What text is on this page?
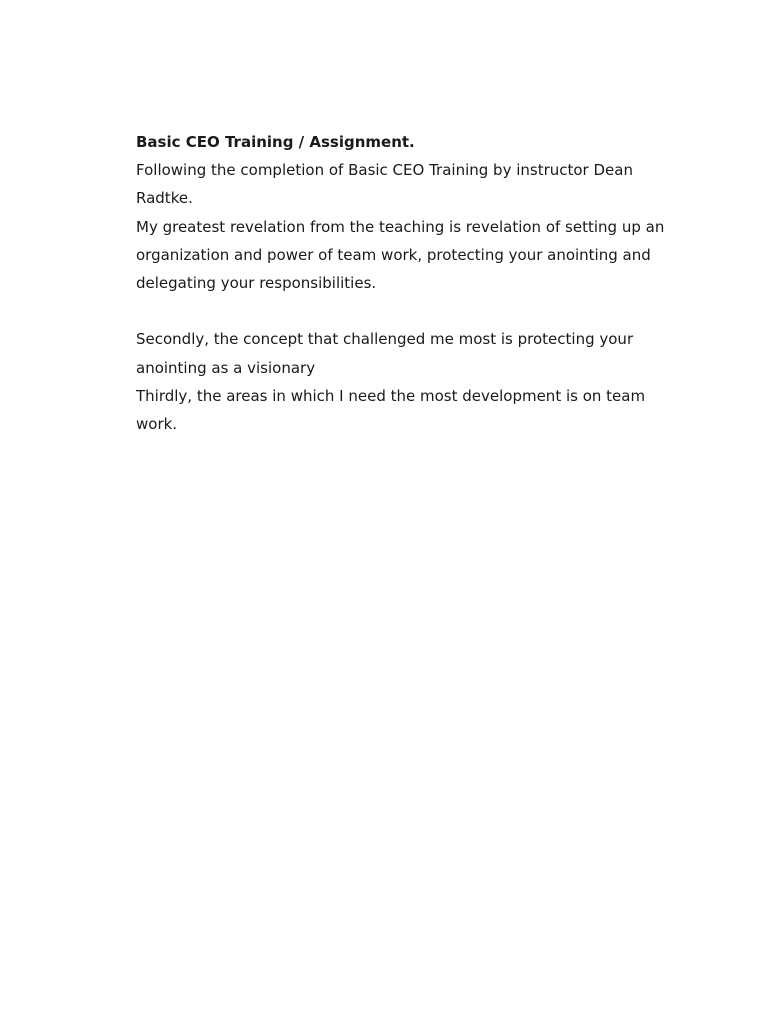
Basic CEO Training / Assignment.

Following the completion of Basic CEO Training by instructor Dean Radtke.

My greatest revelation from the teaching is revelation of setting up an organization and power of team work, protecting your anointing and delegating your responsibilities.

Secondly, the concept that challenged me most is protecting your anointing as a visionary

Thirdly, the areas in which I need the most development is on team work.
